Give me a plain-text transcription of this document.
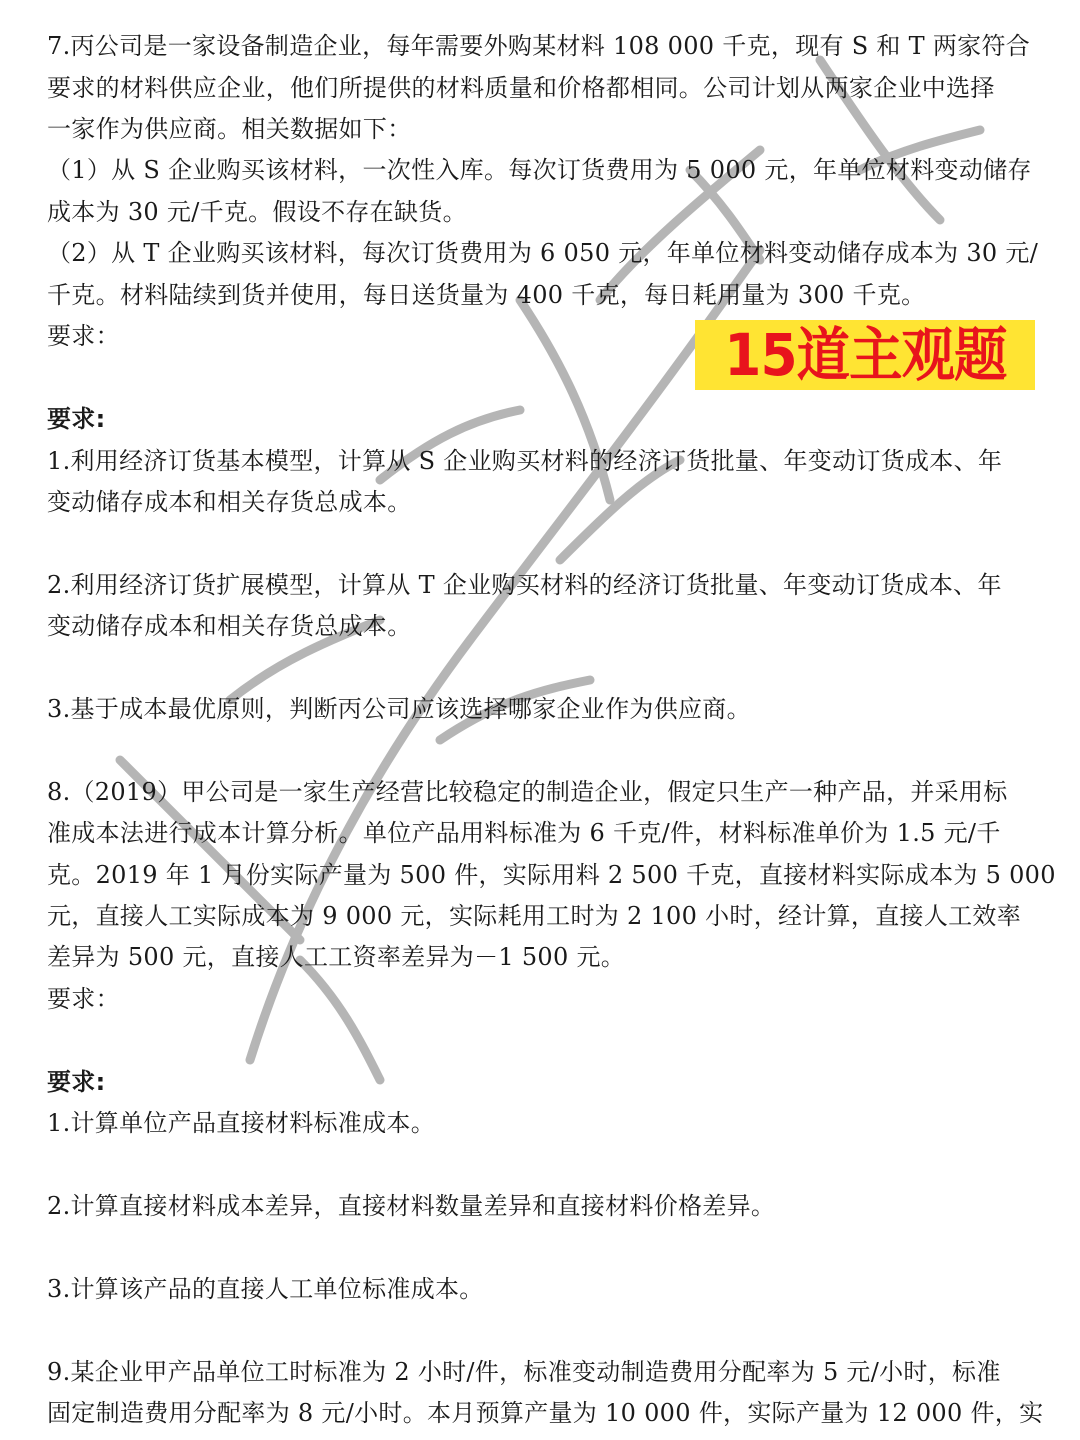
7.丙公司是一家设备制造企业，每年需要外购某材料 108 000 千克，现有 S 和 T 两家符合
要求的材料供应企业，他们所提供的材料质量和价格都相同。公司计划从两家企业中选择
一家作为供应商。相关数据如下：
（1）从 S 企业购买该材料，一次性入库。每次订货费用为 5 000 元，年单位材料变动储存
成本为 30 元/千克。假设不存在缺货。
（2）从 T 企业购买该材料，每次订货费用为 6 050 元，年单位材料变动储存成本为 30 元/
千克。材料陆续到货并使用，每日送货量为 400 千克，每日耗用量为 300 千克。
要求：
要求:
1.利用经济订货基本模型，计算从 S 企业购买材料的经济订货批量、年变动订货成本、年
变动储存成本和相关存货总成本。
2.利用经济订货扩展模型，计算从 T 企业购买材料的经济订货批量、年变动订货成本、年
变动储存成本和相关存货总成本。
3.基于成本最优原则，判断丙公司应该选择哪家企业作为供应商。
8.（2019）甲公司是一家生产经营比较稳定的制造企业，假定只生产一种产品，并采用标
准成本法进行成本计算分析。单位产品用料标准为 6 千克/件，材料标准单价为 1.5 元/千
克。2019 年 1 月份实际产量为 500 件，实际用料 2 500 千克，直接材料实际成本为 5 000
元，直接人工实际成本为 9 000 元，实际耗用工时为 2 100 小时，经计算，直接人工效率
差异为 500 元，直接人工工资率差异为－1 500 元。
要求：
要求:
1.计算单位产品直接材料标准成本。
2.计算直接材料成本差异，直接材料数量差异和直接材料价格差异。
3.计算该产品的直接人工单位标准成本。
9.某企业甲产品单位工时标准为 2 小时/件，标准变动制造费用分配率为 5 元/小时，标准
固定制造费用分配率为 8 元/小时。本月预算产量为 10 000 件，实际产量为 12 000 件，实
15道主观题
